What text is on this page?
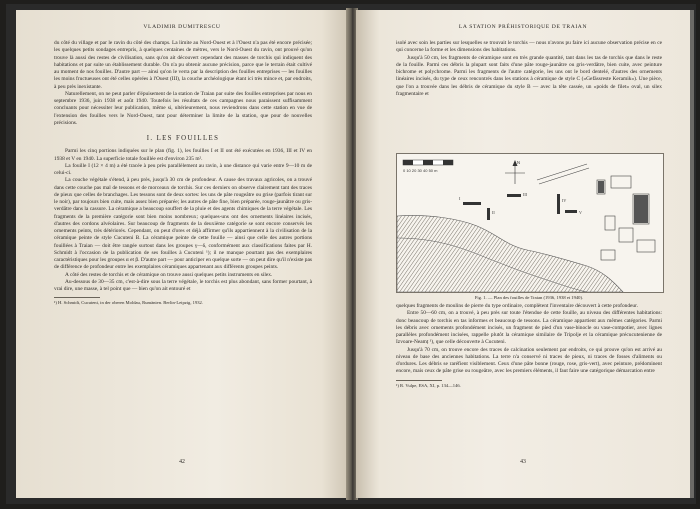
VLADIMIR DUMITRESCU

du côté du village et par le ravin du côté des champs. La limite au Nord-Ouest et à l'Ouest n'a pas été encore précisée; les quelques petits sondages entrepris, à quelques centaines de mètres, vers le Nord-Ouest du ravin, ont prouvé qu'on trouve là aussi des restes de civilisation, sans qu'on ait découvert cependant des masses de torchis qui indiquent des habitations et par suite un établissement durable. On n'a pu obtenir aucune précision, parce que le terrain était cultivé au moment de nos fouilles. D'autre part — ainsi qu'on le verra par la description des fouilles entreprises — les fouilles les moins fructueuses ont été celles opérées à l'Ouest (III), la couche archéologique étant ici très mince et, par endroits, à peu près inexistante.

Naturellement, on ne peut parler d'épuisement de la station de Traian par suite des fouilles entreprises par nous en septembre 1936, juin 1938 et août 1940. Toutefois les résultats de ces campagnes nous paraissent suffisamment concluants pour nécessiter leur publication, même si, ultérieurement, nous reviendrons dans cette station en vue de l'extension des fouilles vers le Nord-Ouest, tant pour déterminer la limite de la station, que pour de nouvelles précisions.

I. LES FOUILLES

Parmi les cinq portions indiquées sur le plan (fig. 1), les fouilles I et II ont été exécutées en 1936, III et IV en 1938 et V en 1940. La superficie totale fouillée est d'environ 235 m².

La fouille I (12 × 4 m) a été tracée à peu près parallèlement au ravin, à une distance qui varie entre 9—10 m de celui-ci.

La couche végétale s'étend, à peu près, jusqu'à 30 cm de profondeur. A cause des travaux agricoles, on a trouvé dans cette couche pas mal de tessons et de morceaux de torchis. Sur ces derniers on observe clairement tant des traces de pieux que celles de branchages. Les tessons sont de deux sortes: les uns de pâte rougeâtre ou grise (parfois tirant sur le noir), par toujours bien cuite, mais assez bien préparée; les autres de pâte fine, bien préparée, rouge-jaunâtre ou gris-verdâtre dans la cassure. La céramique a beaucoup souffert de la pluie et des agents chimiques de la terre végétale. Les fragments de la première catégorie sont bien moins nombreux; quelques-uns ont des ornements linéaires incisés, d'autres des cordons alvéolaires. Sur beaucoup de fragments de la deuxième catégorie se sont encore conservés les ornements peints, très détériorés. Cependant, on peut d'ores et déjà affirmer qu'ils appartiennent à la civilisation de la céramique peinte de style Cucuteni B. La céramique peinte de cette fouille — ainsi que celle des autres portions fouillées à Traian — doit être rangée surtout dans les groupes γ—δ, conformément aux classifications faites par H. Schmidt à l'occasion de la publication de ses fouilles à Cucuteni ¹); il ne manque pourtant pas des exemplaires caractéristiques pour les groupes α et β. D'autre part — pour anticiper en quelque sorte — on peut dire qu'il n'existe pas de différence de profondeur entre les exemplaires céramiques appartenant aux différents groupes peints.

A côté des restes de torchis et de céramique on trouve aussi quelques petits instruments en silex.

Au-dessous de 30—35 cm, c'est-à-dire sous la terre végétale, le torchis est plus abondant, sans former pourtant, à vrai dire, une masse, à tel point que — bien qu'on ait entouré et

¹) H. Schmidt, Cucuteni, in der oberen Moldau, Rumänien. Berlin-Leipzig, 1932.

42
LA STATION PRÉHISTORIQUE DE TRAIAN

isolé avec soin les parties sur lesquelles se trouvait le torchis — nous n'avons pu faire ici aucune observation précise en ce qui concerne la forme et les dimensions des habitations.

Jusqu'à 50 cm, les fragments de céramique sont en très grande quantité, tant dans les tas de torchis que dans le reste de la fouille. Parmi ces débris la plupart sont faits d'une pâte rouge-jaunâtre ou gris-verdâtre, bien cuite, avec peinture bichrome et polychrome. Parmi les fragments de l'autre catégorie, les uns ont le bord dentelé, d'autres des ornements linéaires incisés, du type de ceux rencontrés dans les stations à céramique de style C (»Gefässreste Keramik«). Une pièce, que l'on a trouvée dans les débris de céramique du style B — avec la tête cassée, un »poids de filet« oval, un silex fragmentaire et

0 10 20 30 40 50 m
N
I
II
III
IV
V
Fig. 1. — Plan des fouilles de Traian (1936, 1938 et 1940).

quelques fragments de moulins de pierre du type ordinaire, complètent l'inventaire découvert à cette profondeur.

Entre 50—60 cm, on a trouvé, à peu près sur toute l'étendue de cette fouille, au niveau des différentes habitations: donc beaucoup de torchis en tas informes et beaucoup de tessons. La céramique appartient aux mêmes catégories. Parmi les débris avec ornements profondément incisés, un fragment de pied d'un vase-binocle ou vase-compotier, avec lignes parallèles profondément incisées, rappelle plutôt la céramique similaire de Tripolje et la céramique précucutenienne de Izvoare-Neamț ¹), que celle découverte à Cucuteni.

Jusqu'à 70 cm, on trouve encore des traces de calcination seulement par endroits, ce qui prouve qu'on est arrivé au niveau de base des anciennes habitations. La terre n'a conservé ni traces de pieux, ni traces de fosses d'aliments ou d'ordures. Les débris se raréfient visiblement. Ceux d'une pâte bonne (rouge, rose, gris-vert), avec peinture, prédominent encore, mais ceux de pâte grise ou rougeâtre, avec les premiers éléments, il faut faire une catégorique démarcation entre

¹) R. Vulpe, ESA, XI, p. 134—146.

43
